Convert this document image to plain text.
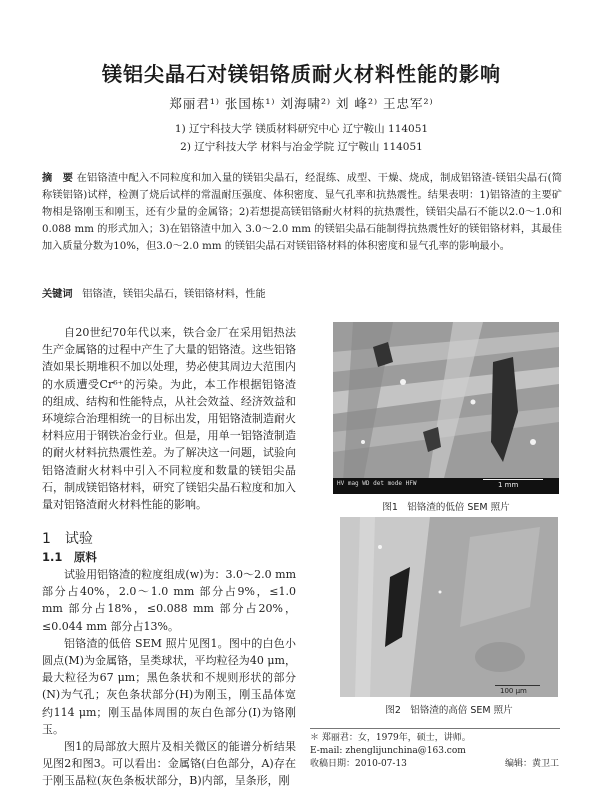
镁铝尖晶石对镁铝铬质耐火材料性能的影响
郑丽君¹⁾ 张国栋¹⁾ 刘海啸²⁾ 刘 峰²⁾ 王忠军²⁾
1) 辽宁科技大学 镁质材料研究中心 辽宁鞍山 114051
2) 辽宁科技大学 材料与冶金学院 辽宁鞍山 114051
摘　要 在铝铬渣中配入不同粒度和加入量的镁铝尖晶石，经混练、成型、干燥、烧成，制成铝铬渣-镁铝尖晶石(简称镁铝铬)试样，检测了烧后试样的常温耐压强度、体积密度、显气孔率和抗热震性。结果表明：1)铝铬渣的主要矿物相是铬刚玉和刚玉，还有少量的金属铬；2)若想提高镁铝铬耐火材料的抗热震性，镁铝尖晶石不能以2.0～1.0和 0.088 mm 的形式加入；3)在铝铬渣中加入 3.0～2.0 mm 的镁铝尖晶石能制得抗热震性好的镁铝铬材料，其最佳加入质量分数为10%，但3.0～2.0 mm 的镁铝尖晶石对镁铝铬材料的体积密度和显气孔率的影响最小。
关键词 铝铬渣，镁铝尖晶石，镁铝铬材料，性能

自20世纪70年代以来，铁合金厂在采用铝热法生产金属铬的过程中产生了大量的铝铬渣。这些铝铬渣如果长期堆积不加以处理，势必使其周边大范围内的水质遭受Cr⁶⁺的污染。为此，本工作根据铝铬渣的组成、结构和性能特点，从社会效益、经济效益和环境综合治理相统一的目标出发，用铝铬渣制造耐火材料应用于钢铁冶金行业。但是，用单一铝铬渣制造的耐火材料抗热震性差。为了解决这一问题，试验向铝铬渣耐火材料中引入不同粒度和数量的镁铝尖晶石，制成镁铝铬材料，研究了镁铝尖晶石粒度和加入量对铝铬渣耐火材料性能的影响。

1　试验
1.1　原料

试验用铝铬渣的粒度组成(w)为：3.0～2.0 mm 部分占40%，2.0～1.0 mm 部分占9%，≤1.0 mm 部分占18%，≤0.088 mm 部分占20%，≤0.044 mm 部分占13%。

铝铬渣的低倍 SEM 照片见图1。图中的白色小圆点(M)为金属铬，呈类球状，平均粒径为40 μm，最大粒径为67 μm；黑色条状和不规则形状的部分(N)为气孔；灰色条状部分(H)为刚玉，刚玉晶体宽约114 μm；刚玉晶体周围的灰白色部分(I)为铬刚玉。

图1的局部放大照片及相关微区的能谱分析结果见图2和图3。可以看出：金属铬(白色部分，A)存在于刚玉晶粒(灰色条板状部分，B)内部，呈条形，刚

HV mag WD det mode HFW	1 mm
图1　铝铬渣的低倍 SEM 照片
100 μm
图2　铝铬渣的高倍 SEM 照片
＊ 郑丽君：女，1979年，硕士，讲师。
E-mail: zhenglijunchina@163.com
收稿日期：2010-07-13	编辑：黄卫工
